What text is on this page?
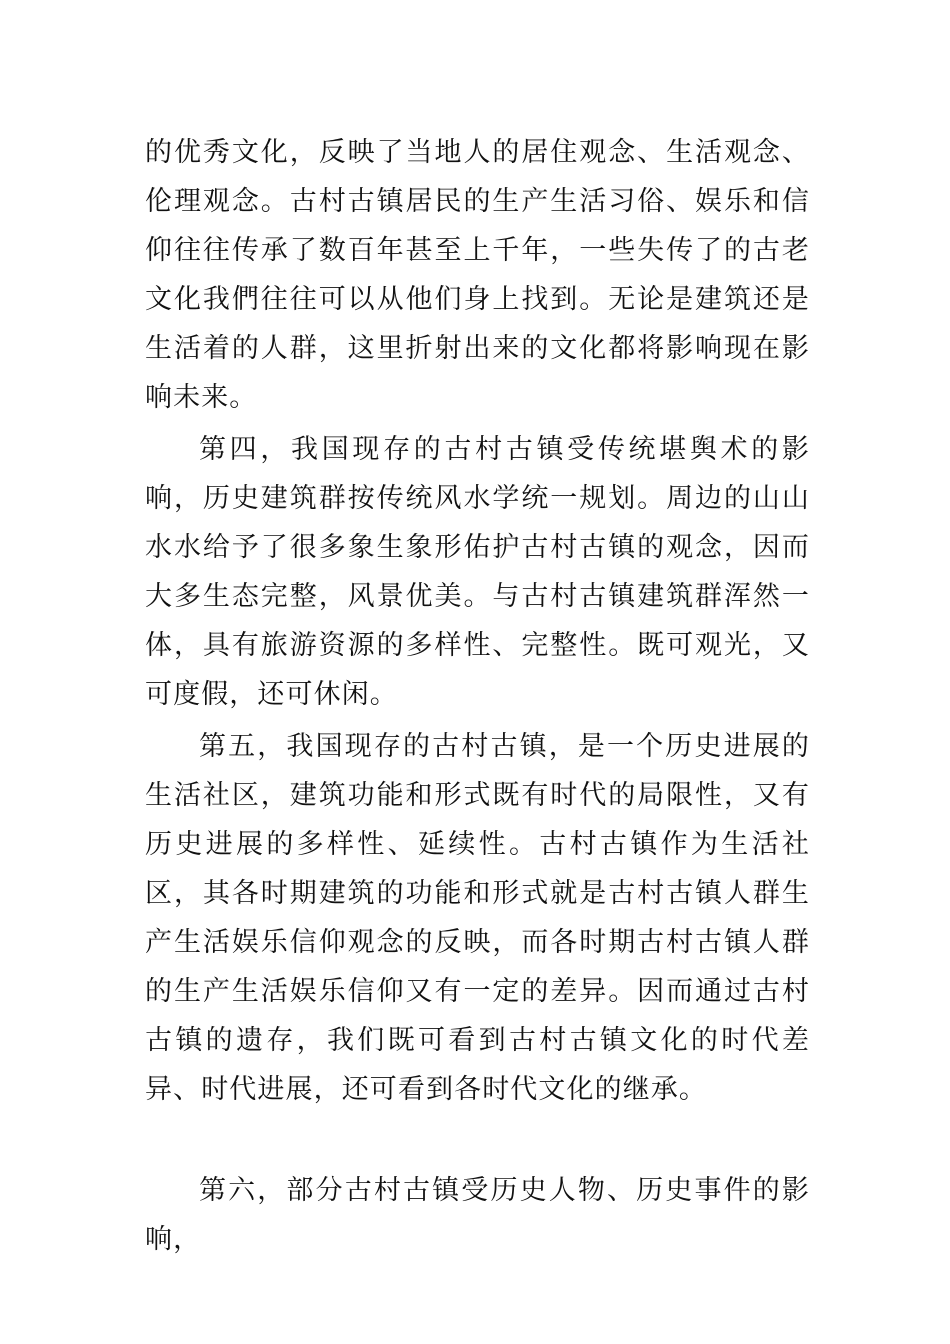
的优秀文化，反映了当地人的居住观念、生活观念、伦理观念。古村古镇居民的生产生活习俗、娱乐和信仰往往传承了数百年甚至上千年，一些失传了的古老文化我們往往可以从他们身上找到。无论是建筑还是生活着的人群，这里折射出来的文化都将影响现在影响未来。

第四，我国现存的古村古镇受传统堪舆术的影响，历史建筑群按传统风水学统一规划。周边的山山水水给予了很多象生象形佑护古村古镇的观念，因而大多生态完整，风景优美。与古村古镇建筑群浑然一体，具有旅游资源的多样性、完整性。既可观光，又可度假，还可休闲。

第五，我国现存的古村古镇，是一个历史进展的生活社区，建筑功能和形式既有时代的局限性，又有历史进展的多样性、延续性。古村古镇作为生活社区，其各时期建筑的功能和形式就是古村古镇人群生产生活娱乐信仰观念的反映，而各时期古村古镇人群的生产生活娱乐信仰又有一定的差异。因而通过古村古镇的遗存，我们既可看到古村古镇文化的时代差异、时代进展，还可看到各时代文化的继承。

第六，部分古村古镇受历史人物、历史事件的影响，
